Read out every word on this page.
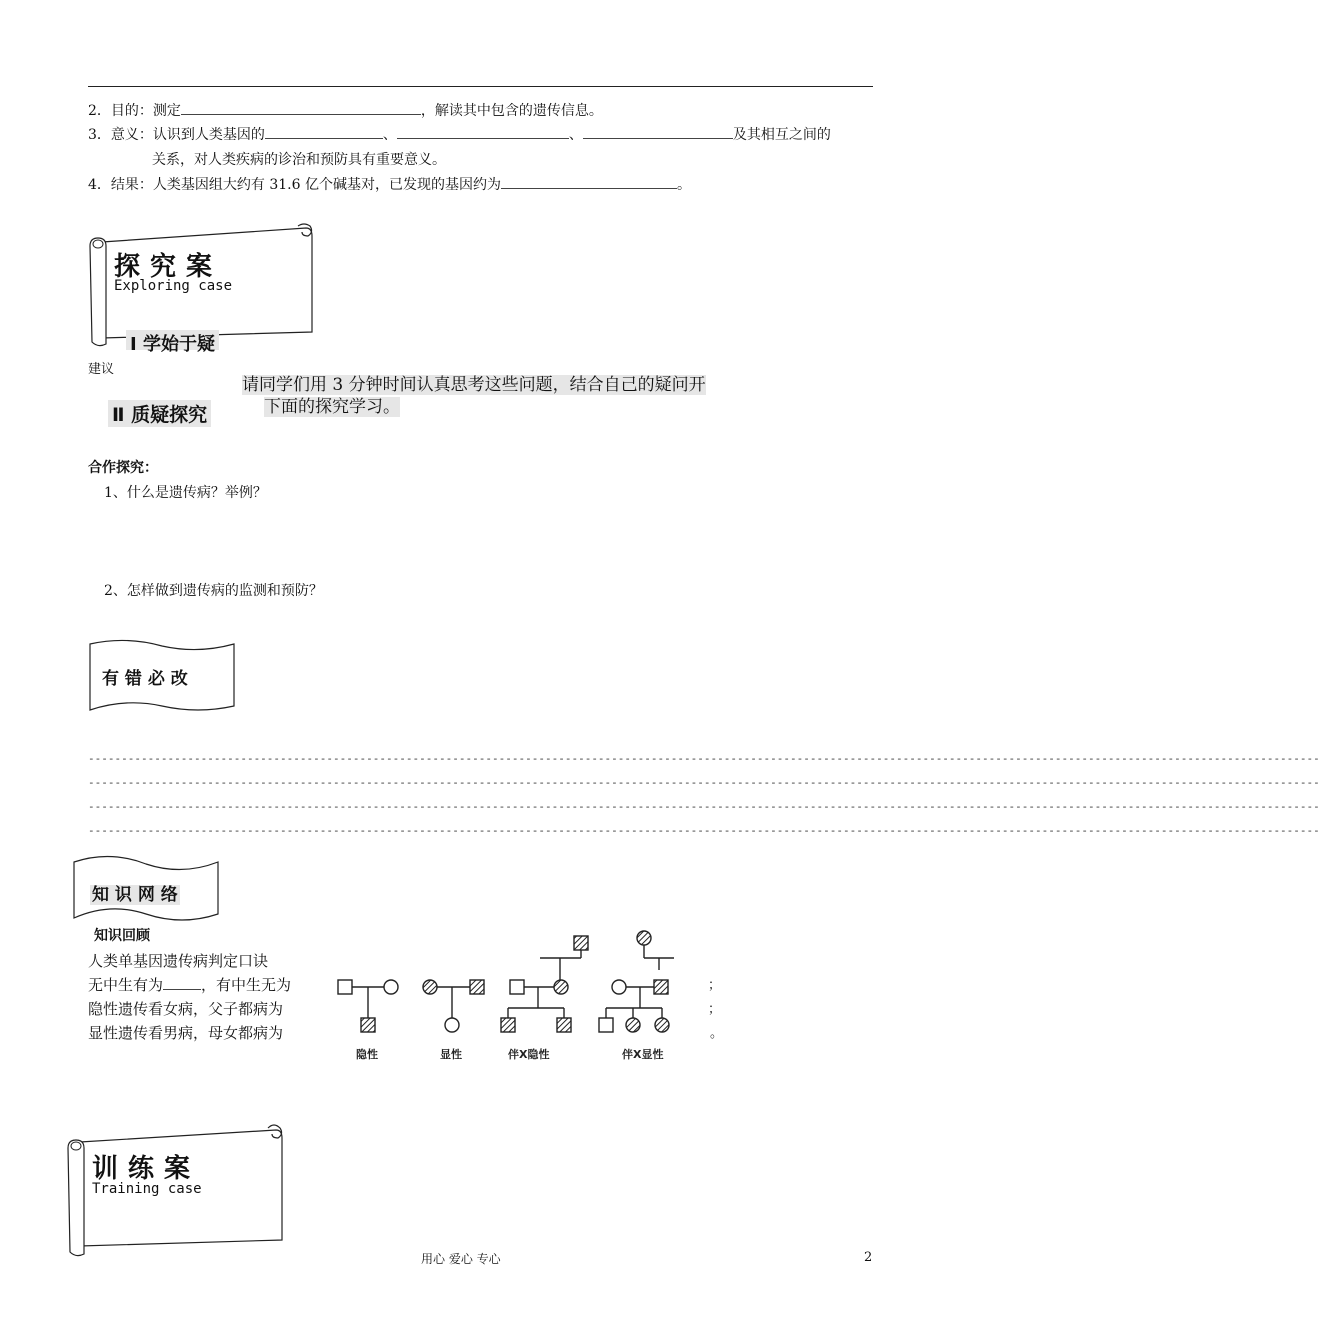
2．目的：测定	，解读其中包含的遗传信息。
3．意义：认识到人类基因的	、	、	及其相互之间的
关系，对人类疾病的诊治和预防具有重要意义。
4．结果：人类基因组大约有 31.6 亿个碱基对，已发现的基因约为	。
探究案
Exploring case
Ⅰ 学始于疑
建议
请同学们用 3 分钟时间认真思考这些问题，结合自己的疑问开
下面的探究学习。
Ⅱ 质疑探究
合作探究：
1、什么是遗传病？举例？
2、怎样做到遗传病的监测和预防？
有 错 必 改
------------------------------------------------------------------------------------------------------------------------------------------------------------------------------------------
------------------------------------------------------------------------------------------------------------------------------------------------------------------------------------------
------------------------------------------------------------------------------------------------------------------------------------------------------------------------------------------
------------------------------------------------------------------------------------------------------------------------------------------------------------------------------------------
知 识 网 络
知识回顾
人类单基因遗传病判定口诀
无中生有为	，有中生无为
隐性遗传看女病，父子都病为
显性遗传看男病，母女都病为
；
；
。
隐性	显性	伴X隐性	伴X显性
训练案
Training case
用心 爱心 专心	2
